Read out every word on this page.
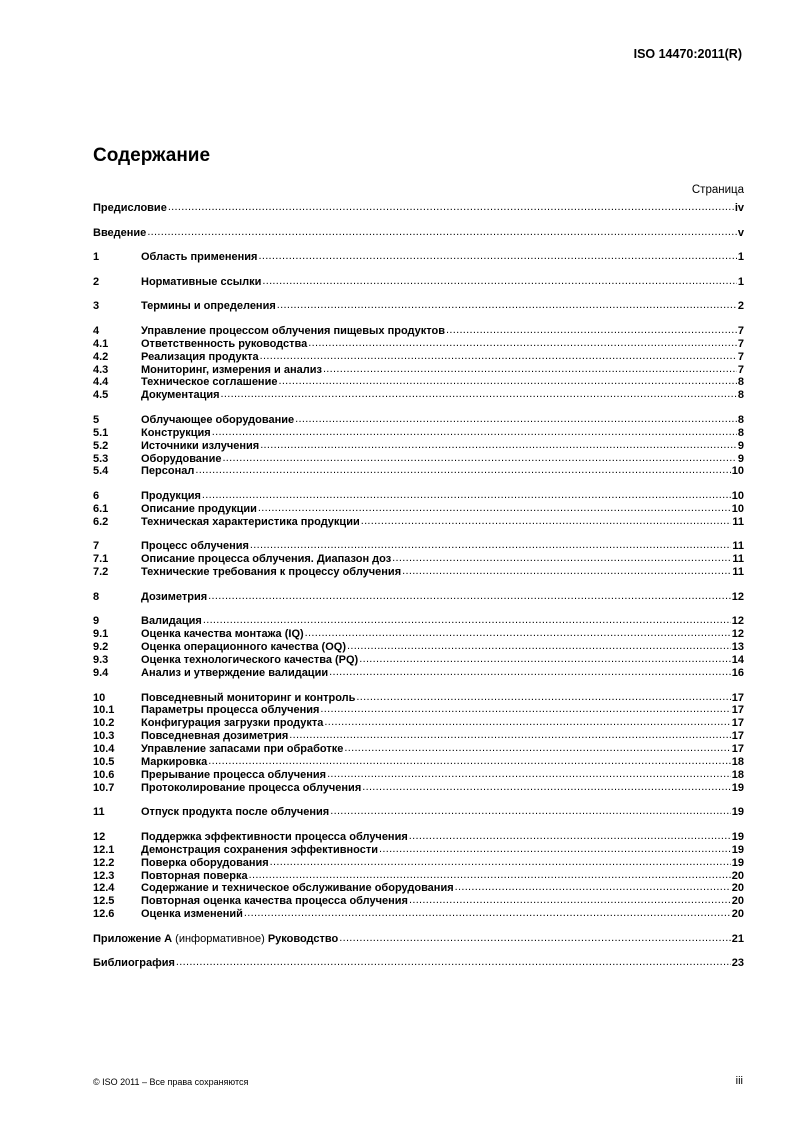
ISO 14470:2011(R)
Содержание
Страница
Предисловие .....	iv
Введение .....	v
1	Область применения .....	1
2	Нормативные ссылки .....	1
3	Термины и определения .....	2
4	Управление процессом облучения пищевых продуктов .....	7
4.1	Ответственность руководства .....	7
4.2	Реализация продукта .....	7
4.3	Мониторинг, измерения и анализ .....	7
4.4	Техническое соглашение .....	8
4.5	Документация .....	8
5	Облучающее оборудование .....	8
5.1	Конструкция .....	8
5.2	Источники излучения .....	9
5.3	Оборудование .....	9
5.4	Персонал .....	10
6	Продукция .....	10
6.1	Описание продукции .....	10
6.2	Техническая характеристика продукции .....	11
7	Процесс облучения .....	11
7.1	Описание процесса облучения. Диапазон доз .....	11
7.2	Технические требования к процессу облучения .....	11
8	Дозиметрия .....	12
9	Валидация .....	12
9.1	Оценка качества монтажа (IQ) .....	12
9.2	Оценка операционного качества (OQ) .....	13
9.3	Оценка технологического качества (PQ) .....	14
9.4	Анализ и утверждение валидации .....	16
10	Повседневный мониторинг и контроль .....	17
10.1	Параметры процесса облучения .....	17
10.2	Конфигурация загрузки продукта .....	17
10.3	Повседневная дозиметрия .....	17
10.4	Управление запасами при обработке .....	17
10.5	Маркировка .....	18
10.6	Прерывание процесса облучения .....	18
10.7	Протоколирование процесса облучения .....	19
11	Отпуск продукта после облучения .....	19
12	Поддержка эффективности процесса облучения .....	19
12.1	Демонстрация сохранения эффективности .....	19
12.2	Поверка оборудования .....	19
12.3	Повторная поверка .....	20
12.4	Содержание и техническое обслуживание оборудования .....	20
12.5	Повторная оценка качества процесса облучения .....	20
12.6	Оценка изменений .....	20
Приложение А (информативное) Руководство .....	21
Библиография .....	23
© ISO 2011 – Все права сохраняются	iii
